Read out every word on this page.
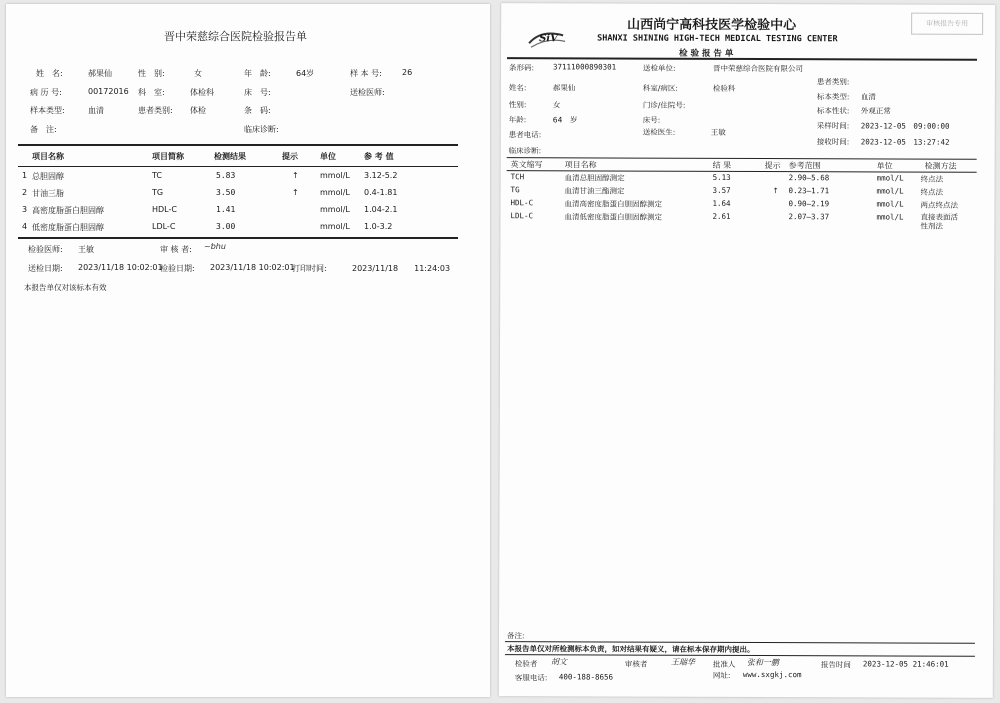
晋中荣慈综合医院检验报告单
姓　名:	郝果仙	性　别:	女	年　龄:	64岁	样 本 号:	26
病 历 号:	00172016 科　室:	体检科	床　号:	送检医师:
样本类型:	血清	患者类别: 体检	条　码:
备　注:	临床诊断:
项目名称	项目简称	检测结果	提示	单位	参 考 值
1 总胆固醇	TC	5.83	↑	mmol/L 3.12-5.2
2 甘油三脂	TG	3.50	↑	mmol/L 0.4-1.81
3 高密度脂蛋白胆固醇	HDL-C	1.41	mmol/L 1.04-2.1
4 低密度脂蛋白胆固醇	LDL-C	3.00	mmol/L 1.0-3.2
检验医师: 王敏	审 核 者: ~ƅhu
送检日期: 2023/11/18 10:02:01
检验日期: 2023/11/18 10:02:01
打印时间:	2023/11/18　　11:24:03
本报告单仅对该标本有效
SiV
山西尚宁高科技医学检验中心
SHANXI SHINING HIGH-TECH MEDICAL TESTING CENTER
检 验 报 告 单
审核报告专用
条形码:	37111000890301	送检单位:	晋中荣慈综合医院有限公司
患者类别:
姓名:	郝果仙	科室/病区:	检验科
标本类型: 血清
性别:	女	门诊/住院号:
标本性状: 外观正常
年龄:	64　岁	床号:
采样时间: 2023-12-05　09:00:00
患者电话:	送检医生:	王敏
接收时间: 2023-12-05　13:27:42
临床诊断:
英文缩写	项目名称	结 果	提示 参考范围	单位	检测方法
TCH	血清总胆固醇测定	5.13	2.90—5.68	mmol/L 终点法
TG	血清甘油三酯测定	3.57	↑ 0.23—1.71	mmol/L 终点法
HDL-C	血清高密度脂蛋白胆固醇测定	1.64	0.90—2.19	mmol/L 两点终点法
LDL-C	血清低密度脂蛋白胆固醇测定	2.61	2.07—3.37	mmol/L 直接表面活性剂法
备注:
本报告单仅对所检测标本负责，如对结果有疑义，请在标本保存期内提出。
检验者 胡文	审核者	王瑞华 批准人 张和一鹏	报告时间 2023-12-05 21:46:01
客服电话: 400-188-8656	网址: www.sxgkj.com
